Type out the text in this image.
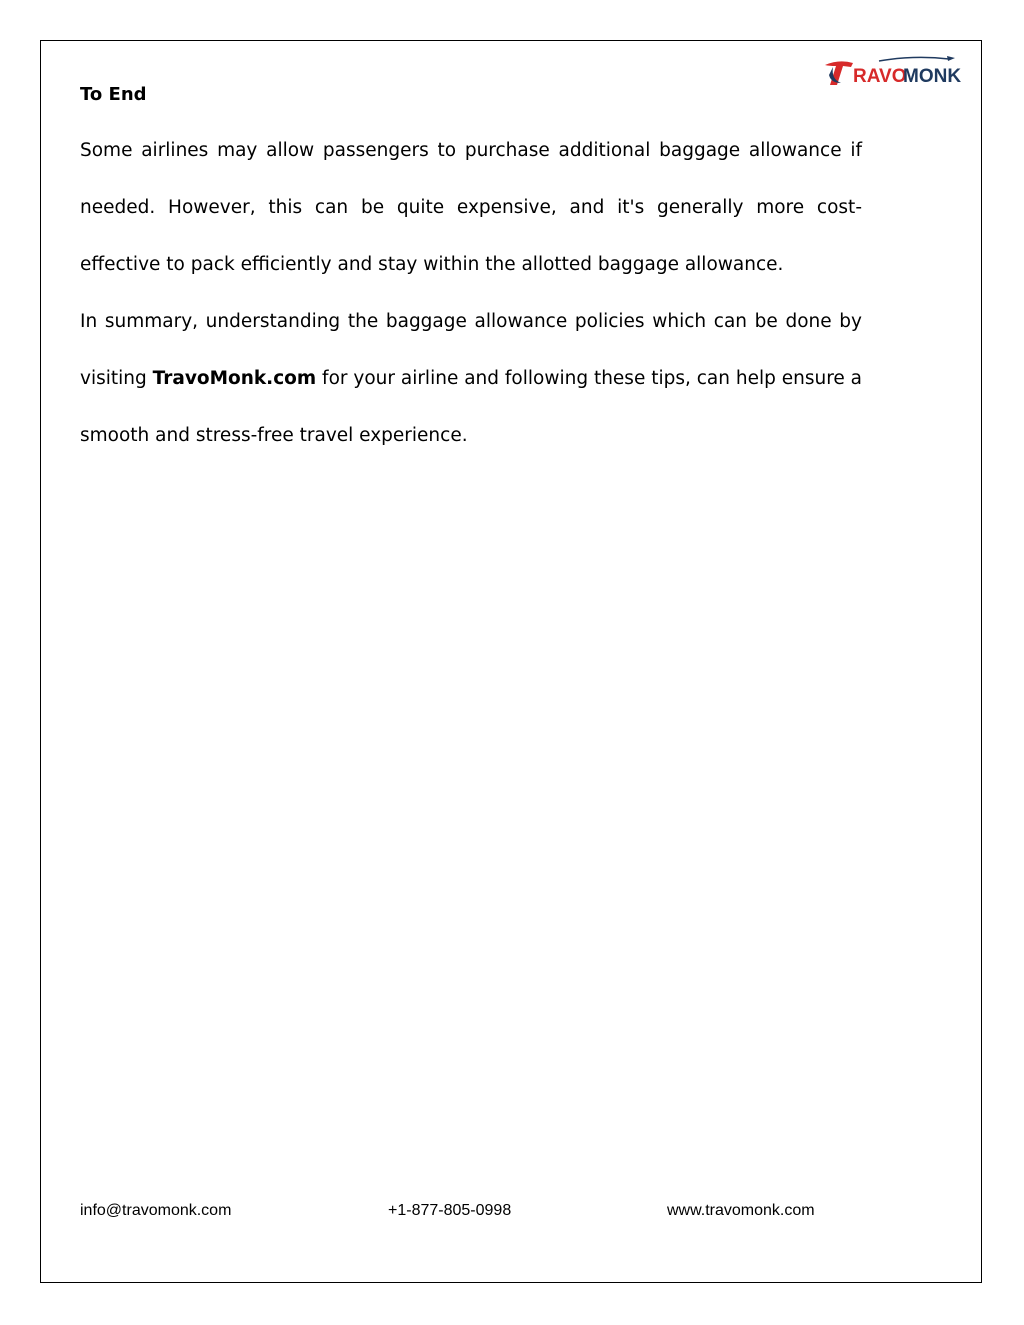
RAVO
MONK
To End

Some airlines may allow passengers to purchase additional baggage allowance if needed. However, this can be quite expensive, and it's generally more cost-effective to pack efficiently and stay within the allotted baggage allowance.

In summary, understanding the baggage allowance policies which can be done by visiting TravoMonk.com for your airline and following these tips, can help ensure a smooth and stress-free travel experience.

info@travomonk.com	+1-877-805-0998	www.travomonk.com
